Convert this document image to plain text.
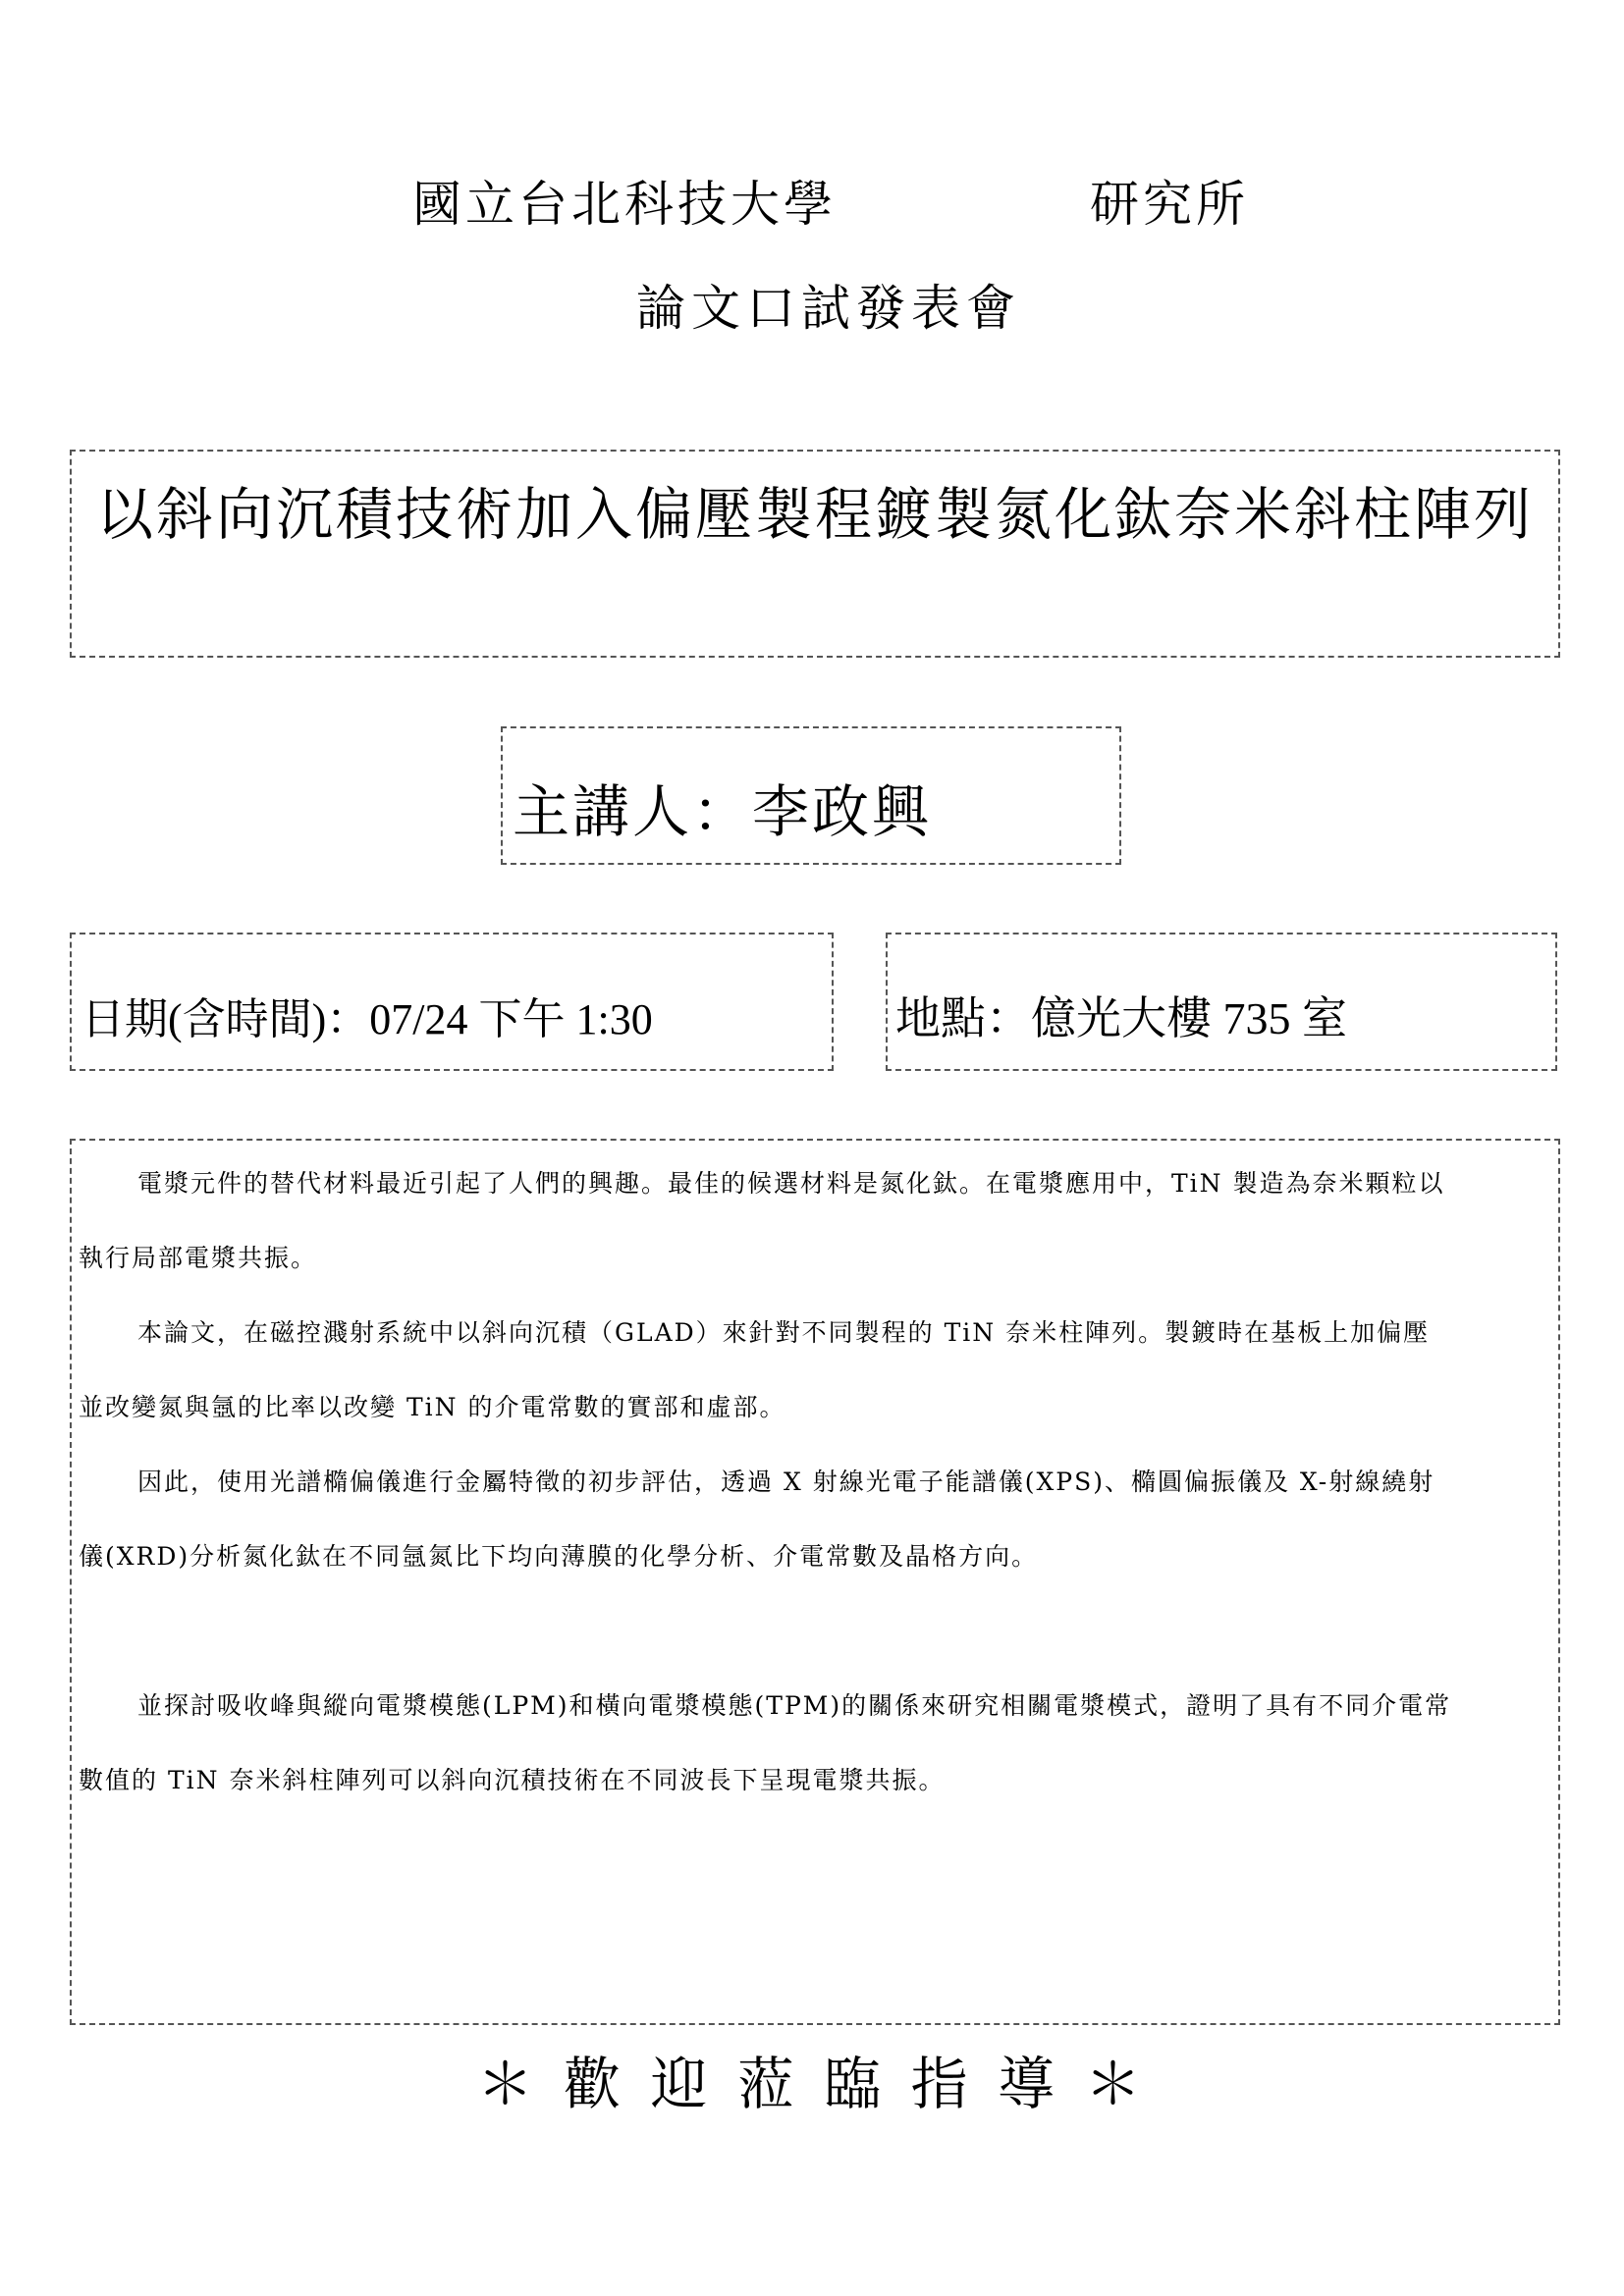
國立台北科技大學	研究所
論文口試發表會
以斜向沉積技術加入偏壓製程鍍製氮化鈦奈米斜柱陣列
主講人：李政興
日期(含時間)：07/24 下午 1:30	地點：億光大樓 735 室
電漿元件的替代材料最近引起了人們的興趣。最佳的候選材料是氮化鈦。在電漿應用中，TiN 製造為奈米顆粒以執行局部電漿共振。
本論文，在磁控濺射系統中以斜向沉積（GLAD）來針對不同製程的 TiN 奈米柱陣列。製鍍時在基板上加偏壓並改變氮與氬的比率以改變 TiN 的介電常數的實部和虛部。
因此，使用光譜橢偏儀進行金屬特徵的初步評估，透過 X 射線光電子能譜儀(XPS)、橢圓偏振儀及 X-射線繞射儀(XRD)分析氮化鈦在不同氬氮比下均向薄膜的化學分析、介電常數及晶格方向。
並探討吸收峰與縱向電漿模態(LPM)和橫向電漿模態(TPM)的關係來研究相關電漿模式，證明了具有不同介電常數值的 TiN 奈米斜柱陣列可以斜向沉積技術在不同波長下呈現電漿共振。
＊ 歡 迎 蒞 臨 指 導 ＊
